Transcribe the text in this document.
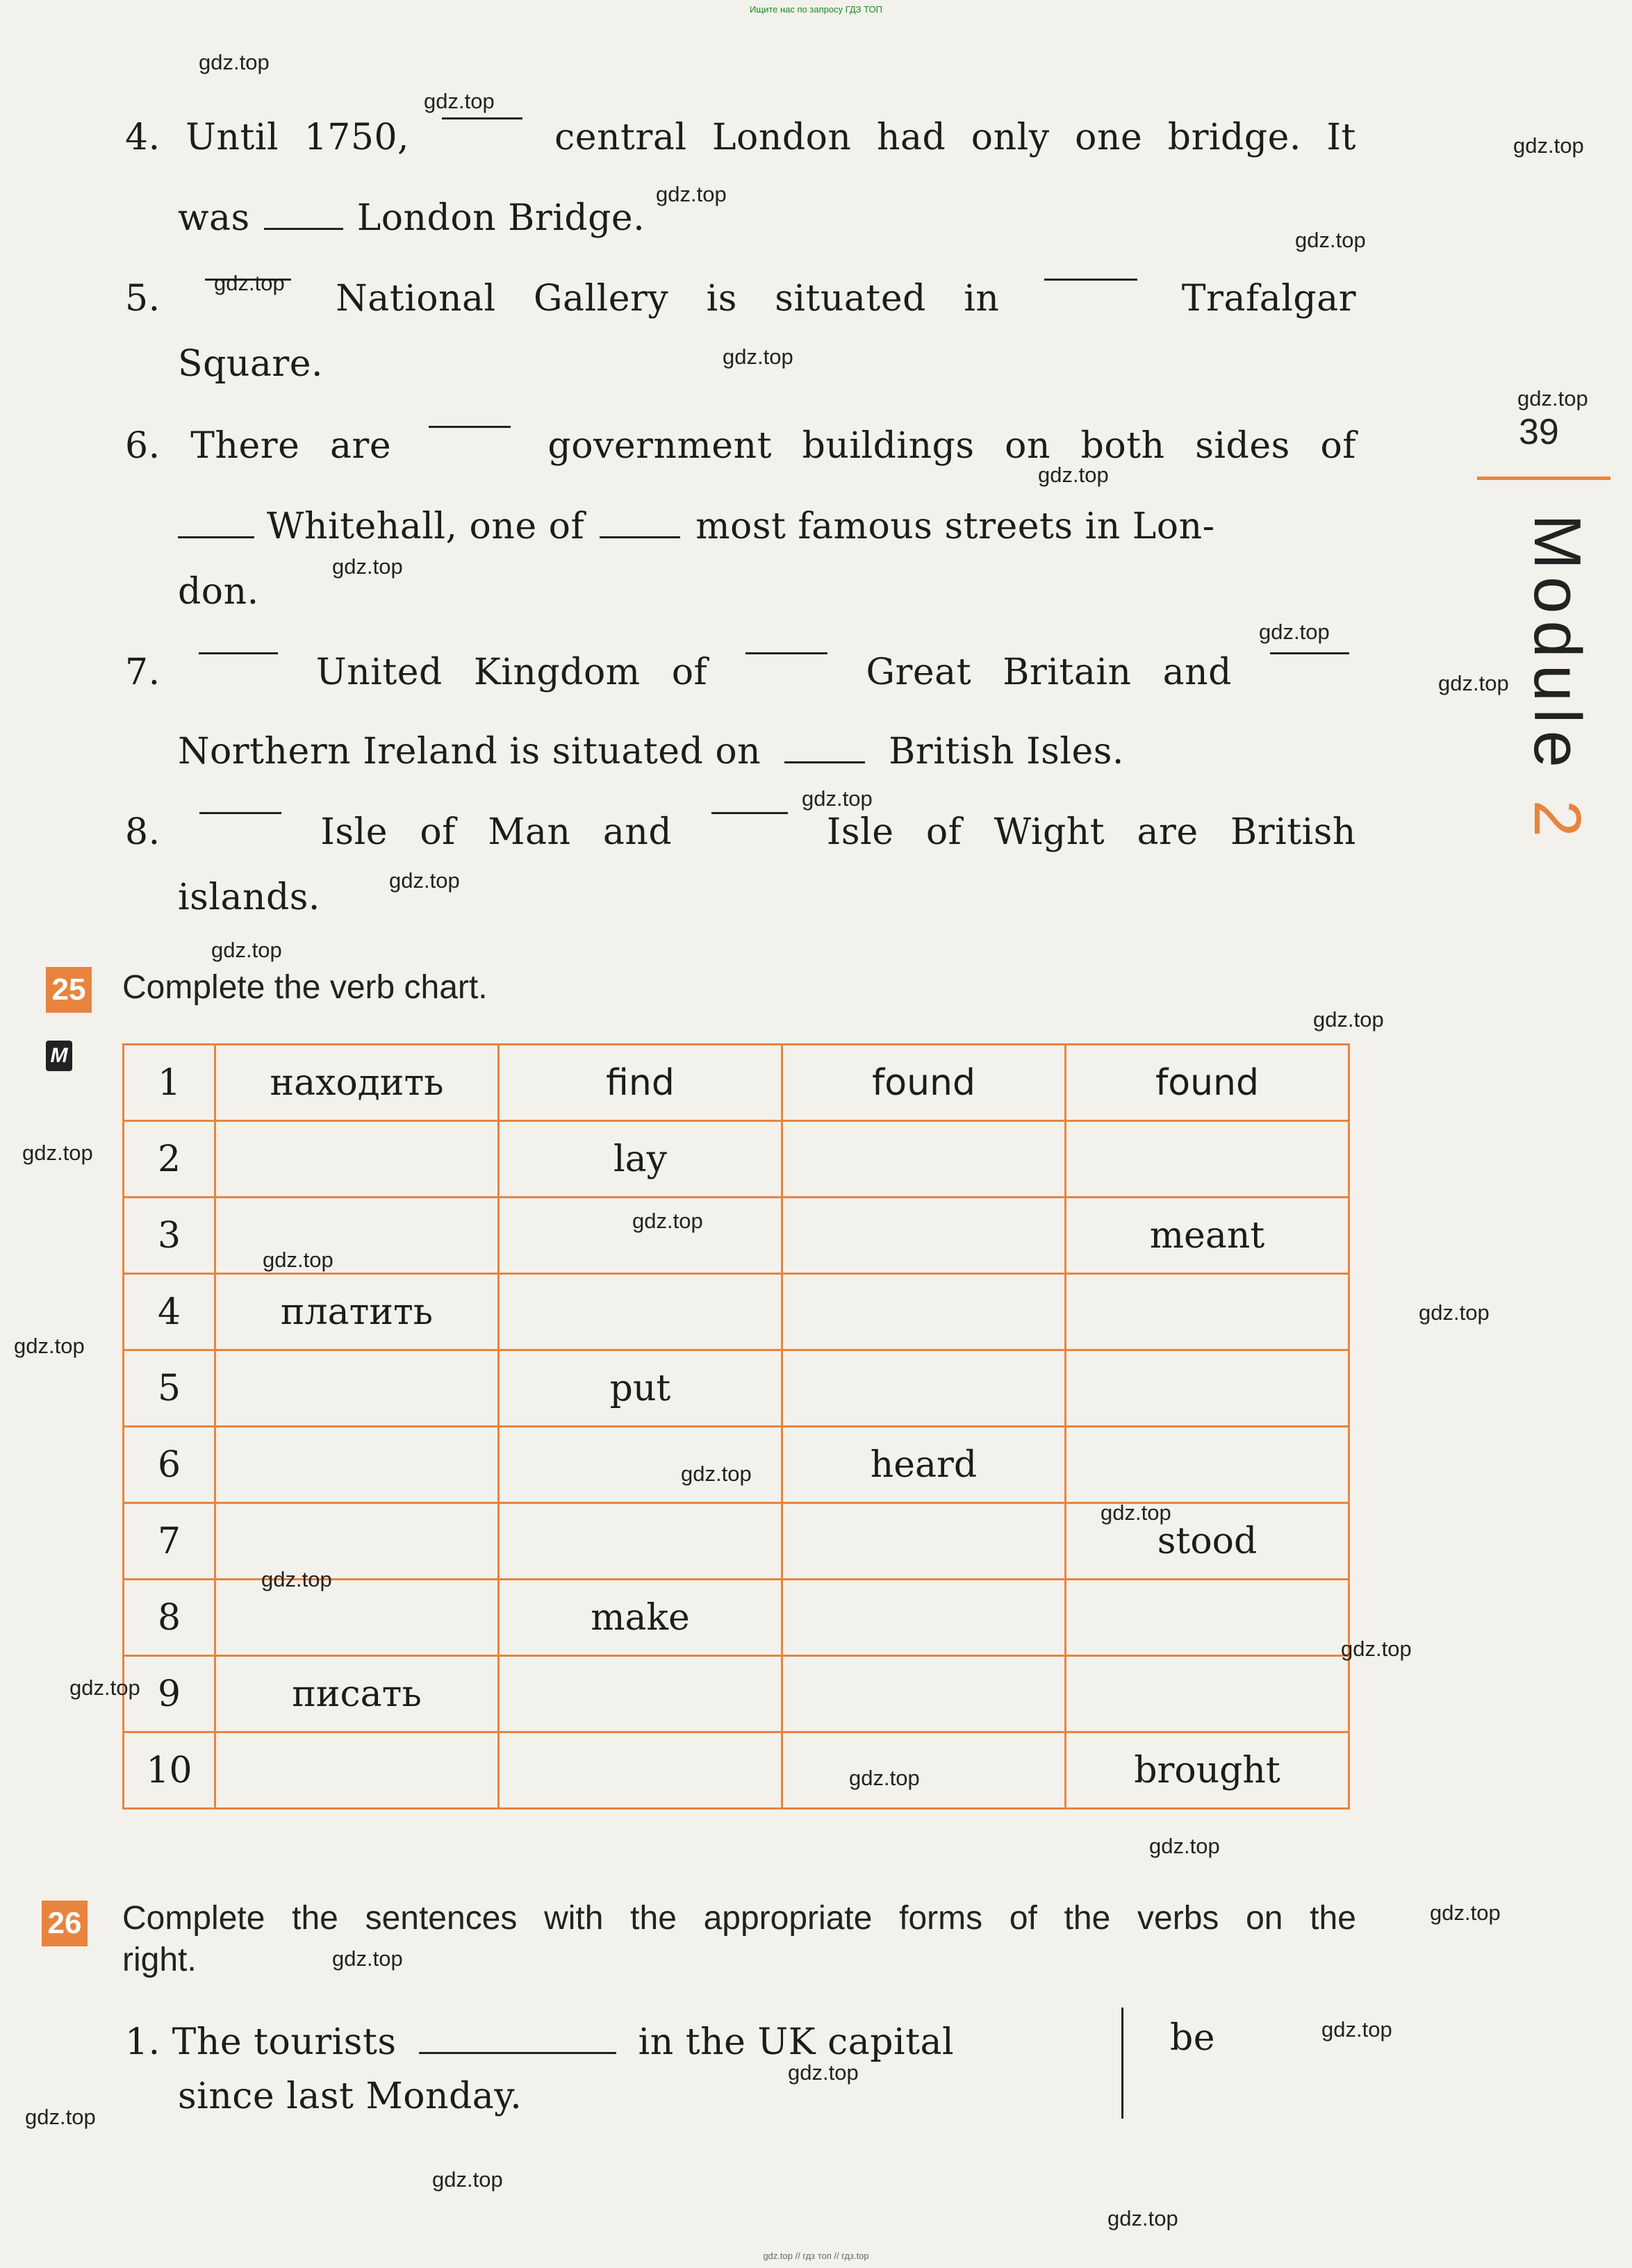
Ищите нас по запросу ГДЗ ТОП
4. Until 1750,	central London had only one bridge. It
was	London Bridge.
5.	National Gallery is situated in	Trafalgar
Square.
6. There are	government buildings on both sides of
Whitehall, one of	most famous streets in Lon-
don.
7.	United Kingdom of	Great Britain and
Northern Ireland is situated on	British Isles.
8.	Isle of Man and	Isle of Wight are British
islands.
39
Module 2
25 Complete the verb chart.
M
1	находить	find	found	found
2		lay		
3				meant
4	платить			
5		put		
6			heard	
7				stood
8		make		
9	писать			
10				brought
26 Complete the sentences with the appropriate forms of the verbs on the
right.
1. The tourists	in the UK capital
since last Monday.
be
gdz.top
gdz.top
gdz.top
gdz.top
gdz.top
gdz.top
gdz.top
gdz.top
gdz.top
gdz.top
gdz.top
gdz.top
gdz.top
gdz.top
gdz.top
gdz.top
gdz.top
gdz.top
gdz.top
gdz.top
gdz.top
gdz.top
gdz.top
gdz.top
gdz.top
gdz.top
gdz.top
gdz.top
gdz.top
gdz.top
gdz.top
gdz.top
gdz.top
gdz.top
gdz.top
gdz.top // гдз топ // гдз.top
